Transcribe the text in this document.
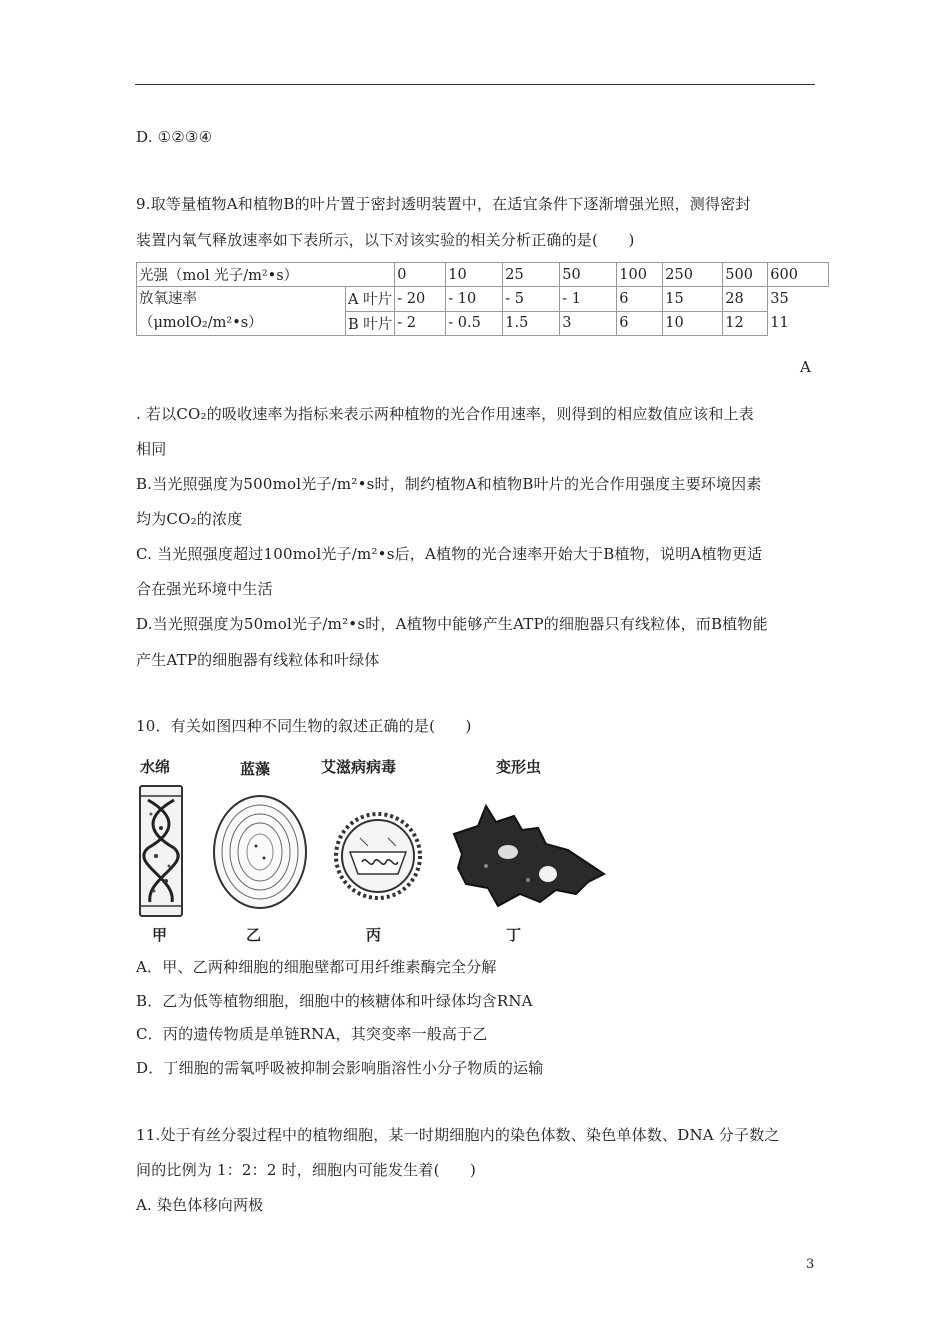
D. ①②③④
9.取等量植物A和植物B的叶片置于密封透明装置中，在适宜条件下逐渐增强光照，测得密封
装置内氧气释放速率如下表所示，以下对该实验的相关分析正确的是(　　)
光强（mol 光子/m²•s）		0	10	25	50	100	250	500	600	

放氧速率
（μmolO₂/m²•s）	A 叶片	- 20	- 10	- 5	- 1	6	15	28	35	
	B 叶片	- 2	- 0.5	1.5	3	6	10	12	11	
A
. 若以CO₂的吸收速率为指标来表示两种植物的光合作用速率，则得到的相应数值应该和上表
相同
B.当光照强度为500mol光子/m²•s时，制约植物A和植物B叶片的光合作用强度主要环境因素
均为CO₂的浓度
C. 当光照强度超过100mol光子/m²•s后，A植物的光合速率开始大于B植物，说明A植物更适
合在强光环境中生活
D.当光照强度为50mol光子/m²•s时，A植物中能够产生ATP的细胞器只有线粒体，而B植物能
产生ATP的细胞器有线粒体和叶绿体
10．有关如图四种不同生物的叙述正确的是(　　)
水绵	蓝藻	艾滋病病毒	变形虫
甲	乙	丙	丁
A．甲、乙两种细胞的细胞壁都可用纤维素酶完全分解
B．乙为低等植物细胞，细胞中的核糖体和叶绿体均含RNA
C．丙的遗传物质是单链RNA，其突变率一般高于乙
D．丁细胞的需氧呼吸被抑制会影响脂溶性小分子物质的运输
11.处于有丝分裂过程中的植物细胞，某一时期细胞内的染色体数、染色单体数、DNA 分子数之
间的比例为 1：2：2 时，细胞内可能发生着(　　)
A. 染色体移向两极
3
